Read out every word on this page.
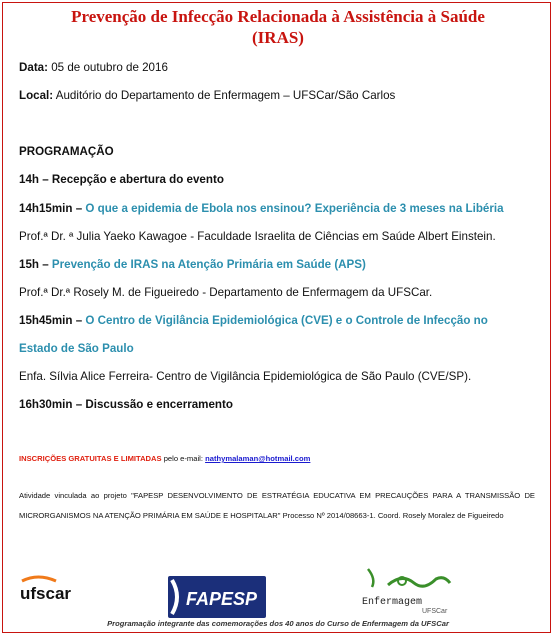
Prevenção de Infecção Relacionada à Assistência à Saúde
(IRAS)
Data: 05 de outubro de 2016
Local: Auditório do Departamento de Enfermagem – UFSCar/São Carlos
PROGRAMAÇÃO
14h – Recepção e abertura do evento
14h15min – O que a epidemia de Ebola nos ensinou? Experiência de 3 meses na Libéria
Prof.ª Dr. ª Julia Yaeko Kawagoe - Faculdade Israelita de Ciências em Saúde Albert Einstein.
15h – Prevenção de IRAS na Atenção Primária em Saúde (APS)
Prof.ª Dr.ª Rosely M. de Figueiredo - Departamento de Enfermagem da UFSCar.
15h45min – O Centro de Vigilância Epidemiológica (CVE) e o Controle de Infecção no
Estado de São Paulo
Enfa. Sílvia Alice Ferreira- Centro de Vigilância Epidemiológica de São Paulo (CVE/SP).
16h30min – Discussão e encerramento
INSCRIÇÕES GRATUITAS E LIMITADAS pelo e-mail: nathymalaman@hotmail.com
Atividade vinculada ao projeto "FAPESP DESENVOLVIMENTO DE ESTRATÉGIA EDUCATIVA EM PRECAUÇÕES PARA A TRANSMISSÃO DE MICRORGANISMOS NA ATENÇÃO PRIMÁRIA EM SAÚDE E HOSPITALAR" Processo Nº 2014/08663-1. Coord. Rosely Moralez de Figueiredo
ufscar	FAPESP	Enfermagem
UFSCar
Programação integrante das comemorações dos 40 anos do Curso de Enfermagem da UFSCar
